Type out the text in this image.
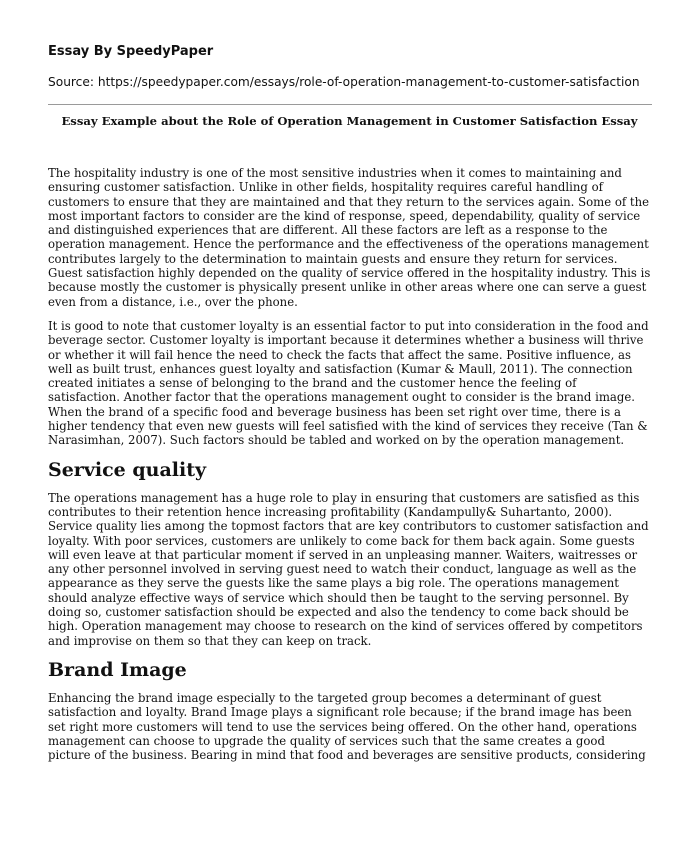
Essay By SpeedyPaper

Source: https://speedypaper.com/essays/role-of-operation-management-to-customer-satisfaction

Essay Example about the Role of Operation Management in Customer Satisfaction Essay

The hospitality industry is one of the most sensitive industries when it comes to maintaining and ensuring customer satisfaction. Unlike in other fields, hospitality requires careful handling of customers to ensure that they are maintained and that they return to the services again. Some of the most important factors to consider are the kind of response, speed, dependability, quality of service and distinguished experiences that are different. All these factors are left as a response to the operation management. Hence the performance and the effectiveness of the operations management contributes largely to the determination to maintain guests and ensure they return for services. Guest satisfaction highly depended on the quality of service offered in the hospitality industry. This is because mostly the customer is physically present unlike in other areas where one can serve a guest even from a distance, i.e., over the phone.

It is good to note that customer loyalty is an essential factor to put into consideration in the food and beverage sector. Customer loyalty is important because it determines whether a business will thrive or whether it will fail hence the need to check the facts that affect the same. Positive influence, as well as built trust, enhances guest loyalty and satisfaction (Kumar & Maull, 2011). The connection created initiates a sense of belonging to the brand and the customer hence the feeling of satisfaction. Another factor that the operations management ought to consider is the brand image. When the brand of a specific food and beverage business has been set right over time, there is a higher tendency that even new guests will feel satisfied with the kind of services they receive (Tan & Narasimhan, 2007). Such factors should be tabled and worked on by the operation management.

Service quality

The operations management has a huge role to play in ensuring that customers are satisfied as this contributes to their retention hence increasing profitability (Kandampully& Suhartanto, 2000). Service quality lies among the topmost factors that are key contributors to customer satisfaction and loyalty. With poor services, customers are unlikely to come back for them back again. Some guests will even leave at that particular moment if served in an unpleasing manner. Waiters, waitresses or any other personnel involved in serving guest need to watch their conduct, language as well as the appearance as they serve the guests like the same plays a big role. The operations management should analyze effective ways of service which should then be taught to the serving personnel. By doing so, customer satisfaction should be expected and also the tendency to come back should be high. Operation management may choose to research on the kind of services offered by competitors and improvise on them so that they can keep on track.

Brand Image

Enhancing the brand image especially to the targeted group becomes a determinant of guest satisfaction and loyalty. Brand Image plays a significant role because; if the brand image has been set right more customers will tend to use the services being offered. On the other hand, operations management can choose to upgrade the quality of services such that the same creates a good picture of the business. Bearing in mind that food and beverages are sensitive products, considering
